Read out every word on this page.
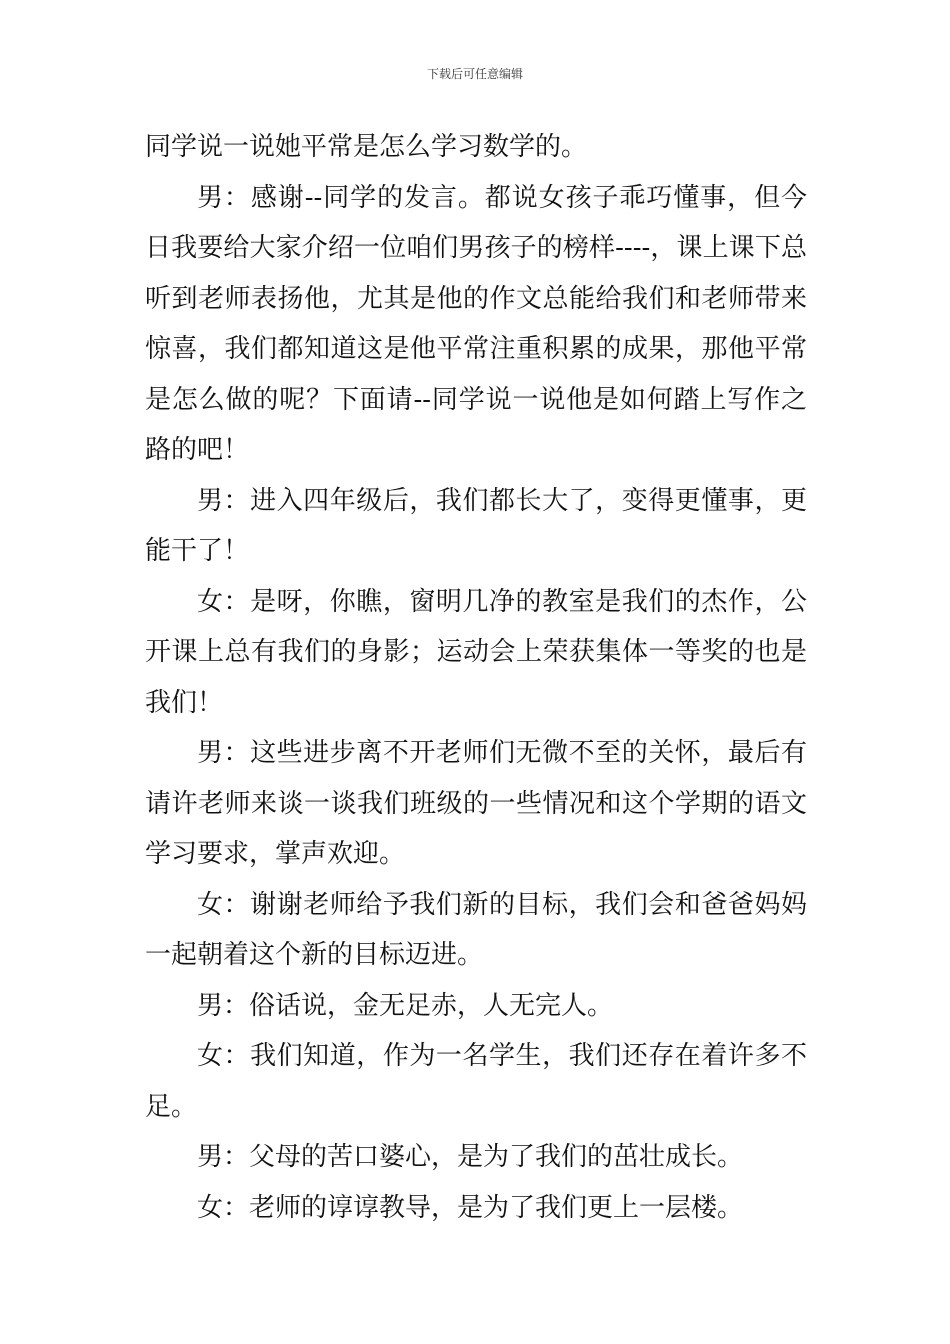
下载后可任意编辑

同学说一说她平常是怎么学习数学的。

男：感谢--同学的发言。都说女孩子乖巧懂事，但今日我要给大家介绍一位咱们男孩子的榜样----，课上课下总听到老师表扬他，尤其是他的作文总能给我们和老师带来惊喜，我们都知道这是他平常注重积累的成果，那他平常是怎么做的呢？下面请--同学说一说他是如何踏上写作之路的吧！

男：进入四年级后，我们都长大了，变得更懂事，更能干了！

女：是呀，你瞧，窗明几净的教室是我们的杰作，公开课上总有我们的身影；运动会上荣获集体一等奖的也是我们！

男：这些进步离不开老师们无微不至的关怀，最后有请许老师来谈一谈我们班级的一些情况和这个学期的语文学习要求，掌声欢迎。

女：谢谢老师给予我们新的目标，我们会和爸爸妈妈一起朝着这个新的目标迈进。

男：俗话说，金无足赤，人无完人。

女：我们知道，作为一名学生，我们还存在着许多不足。

男：父母的苦口婆心，是为了我们的茁壮成长。

女：老师的谆谆教导，是为了我们更上一层楼。
